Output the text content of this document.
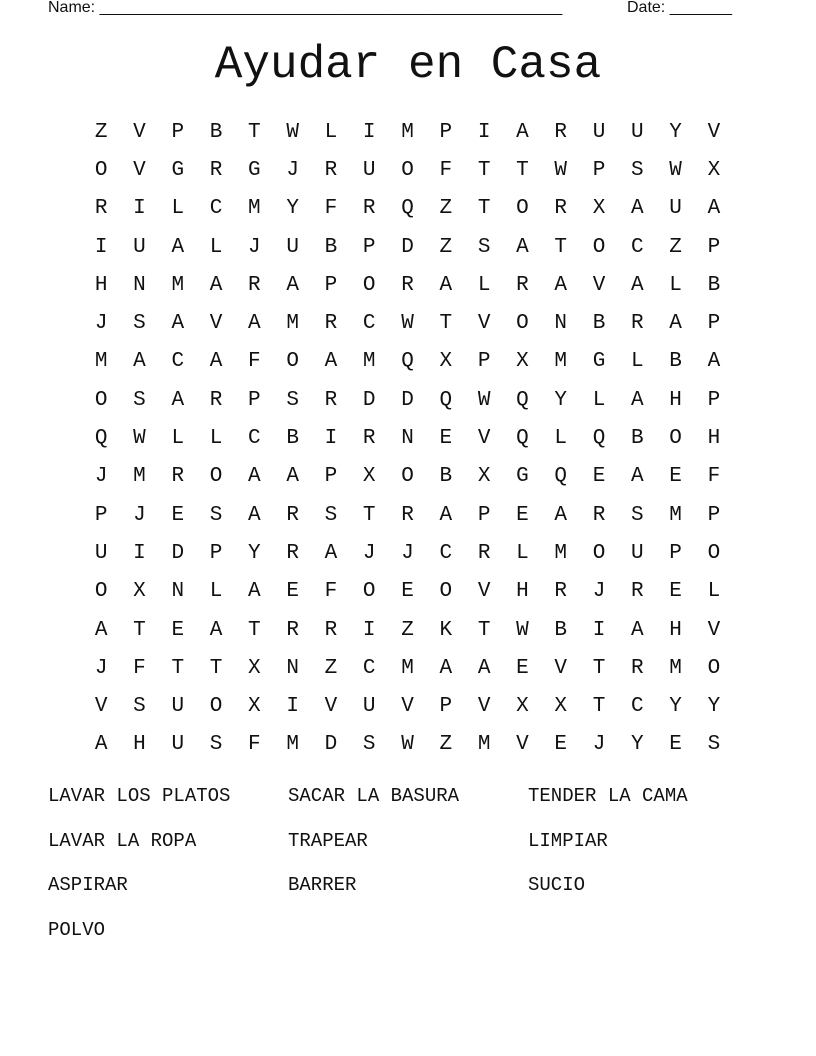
Name: ____________________________________________________	Date: _______
Ayudar en Casa
Z	V	P	B	T	W	L	I	M	P	I	A	R	U	U	Y	V
O	V	G	R	G	J	R	U	O	F	T	T	W	P	S	W	X
R	I	L	C	M	Y	F	R	Q	Z	T	O	R	X	A	U	A
I	U	A	L	J	U	B	P	D	Z	S	A	T	O	C	Z	P
H	N	M	A	R	A	P	O	R	A	L	R	A	V	A	L	B
J	S	A	V	A	M	R	C	W	T	V	O	N	B	R	A	P
M	A	C	A	F	O	A	M	Q	X	P	X	M	G	L	B	A
O	S	A	R	P	S	R	D	D	Q	W	Q	Y	L	A	H	P
Q	W	L	L	C	B	I	R	N	E	V	Q	L	Q	B	O	H
J	M	R	O	A	A	P	X	O	B	X	G	Q	E	A	E	F
P	J	E	S	A	R	S	T	R	A	P	E	A	R	S	M	P
U	I	D	P	Y	R	A	J	J	C	R	L	M	O	U	P	O
O	X	N	L	A	E	F	O	E	O	V	H	R	J	R	E	L
A	T	E	A	T	R	R	I	Z	K	T	W	B	I	A	H	V
J	F	T	T	X	N	Z	C	M	A	A	E	V	T	R	M	O
V	S	U	O	X	I	V	U	V	P	V	X	X	T	C	Y	Y
A	H	U	S	F	M	D	S	W	Z	M	V	E	J	Y	E	S
LAVAR LOS PLATOS	SACAR LA BASURA	TENDER LA CAMA
LAVAR LA ROPA	TRAPEAR	LIMPIAR
ASPIRAR	BARRER	SUCIO
POLVO
